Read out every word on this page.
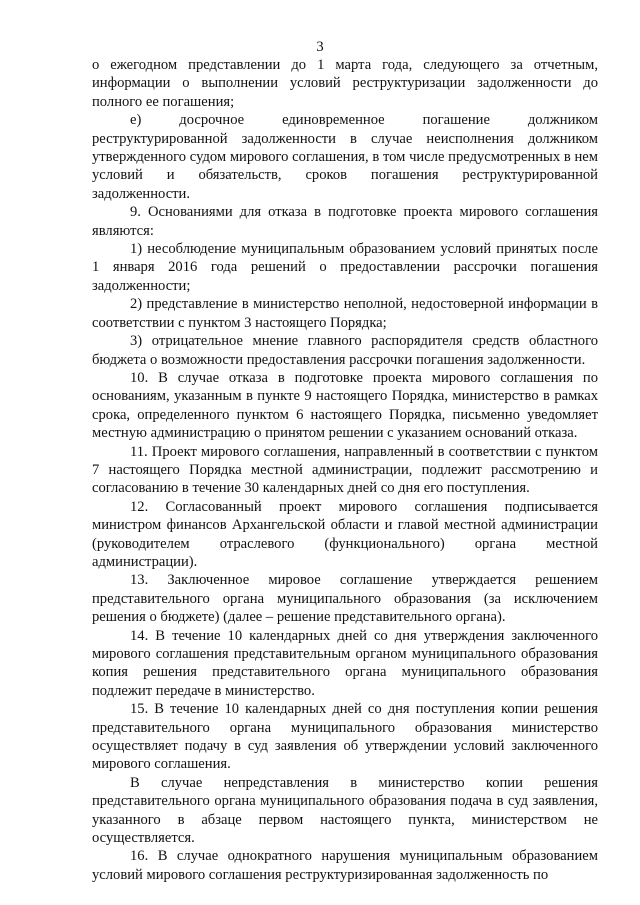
3

о ежегодном представлении до 1 марта года, следующего за отчетным, информации о выполнении условий реструктуризации задолженности до полного ее погашения;

е) досрочное единовременное погашение должником реструктурированной задолженности в случае неисполнения должником утвержденного судом мирового соглашения, в том числе предусмотренных в нем условий и обязательств, сроков погашения реструктурированной задолженности.

9. Основаниями для отказа в подготовке проекта мирового соглашения являются:

1) несоблюдение муниципальным образованием условий принятых после 1 января 2016 года решений о предоставлении рассрочки погашения задолженности;

2) представление в министерство неполной, недостоверной информации в соответствии с пунктом 3 настоящего Порядка;

3) отрицательное мнение главного распорядителя средств областного бюджета о возможности предоставления рассрочки погашения задолженности.

10. В случае отказа в подготовке проекта мирового соглашения по основаниям, указанным в пункте 9 настоящего Порядка, министерство в рамках срока, определенного пунктом 6 настоящего Порядка, письменно уведомляет местную администрацию о принятом решении с указанием оснований отказа.

11. Проект мирового соглашения, направленный в соответствии с пунктом 7 настоящего Порядка местной администрации, подлежит рассмотрению и согласованию в течение 30 календарных дней со дня его поступления.

12. Согласованный проект мирового соглашения подписывается министром финансов Архангельской области и главой местной администрации (руководителем отраслевого (функционального) органа местной администрации).

13. Заключенное мировое соглашение утверждается решением представительного органа муниципального образования (за исключением решения о бюджете) (далее – решение представительного органа).

14. В течение 10 календарных дней со дня утверждения заключенного мирового соглашения представительным органом муниципального образования копия решения представительного органа муниципального образования подлежит передаче в министерство.

15. В течение 10 календарных дней со дня поступления копии решения представительного органа муниципального образования министерство осуществляет подачу в суд заявления об утверждении условий заключенного мирового соглашения.

В случае непредставления в министерство копии решения представительного органа муниципального образования подача в суд заявления, указанного в абзаце первом настоящего пункта, министерством не осуществляется.

16. В случае однократного нарушения муниципальным образованием условий мирового соглашения реструктуризированная задолженность по
